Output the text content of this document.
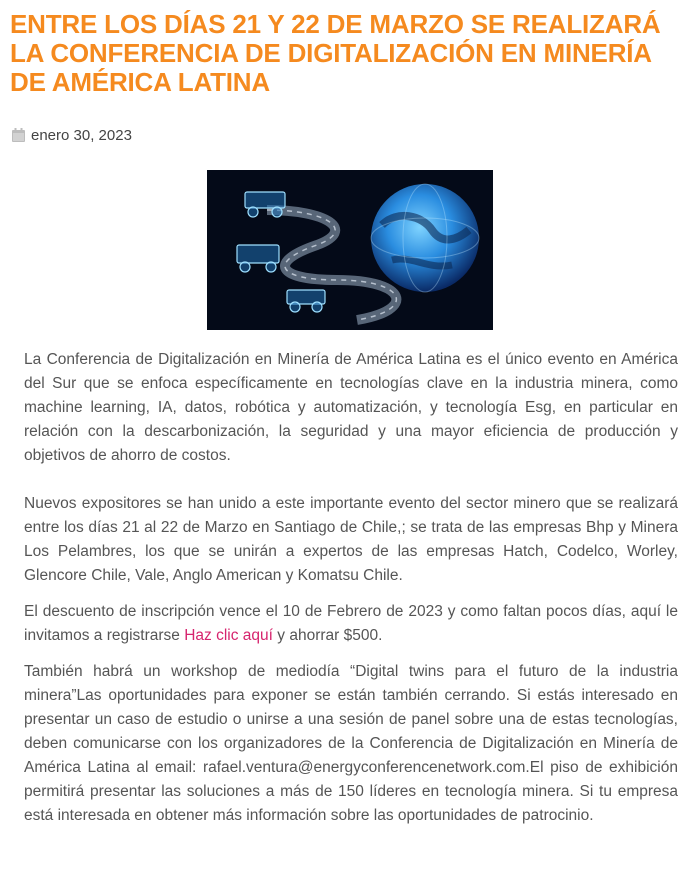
ENTRE LOS DÍAS 21 Y 22 DE MARZO SE REALIZARÁ LA CONFERENCIA DE DIGITALIZACIÓN EN MINERÍA DE AMÉRICA LATINA
enero 30, 2023

La Conferencia de Digitalización en Minería de América Latina es el único evento en América del Sur que se enfoca específicamente en tecnologías clave en la industria minera, como machine learning, IA, datos, robótica y automatización, y tecnología Esg, en particular en relación con la descarbonización, la seguridad y una mayor eficiencia de producción y objetivos de ahorro de costos.

Nuevos expositores se han unido a este importante evento del sector minero que se realizará entre los días 21 al 22 de Marzo en Santiago de Chile,; se trata de las empresas Bhp y Minera Los Pelambres, los que se unirán a expertos de las empresas Hatch, Codelco, Worley, Glencore Chile, Vale, Anglo American y Komatsu Chile.

El descuento de inscripción vence el 10 de Febrero de 2023 y como faltan pocos días, aquí le invitamos a registrarse Haz clic aquí y ahorrar $500.

También habrá un workshop de mediodía “Digital twins para el futuro de la industria minera”Las oportunidades para exponer se están también cerrando. Si estás interesado en presentar un caso de estudio o unirse a una sesión de panel sobre una de estas tecnologías, deben comunicarse con los organizadores de la Conferencia de Digitalización en Minería de América Latina al email: rafael.ventura@energyconferencenetwork.com.El piso de exhibición permitirá presentar las soluciones a más de 150 líderes en tecnología minera. Si tu empresa está interesada en obtener más información sobre las oportunidades de patrocinio.
